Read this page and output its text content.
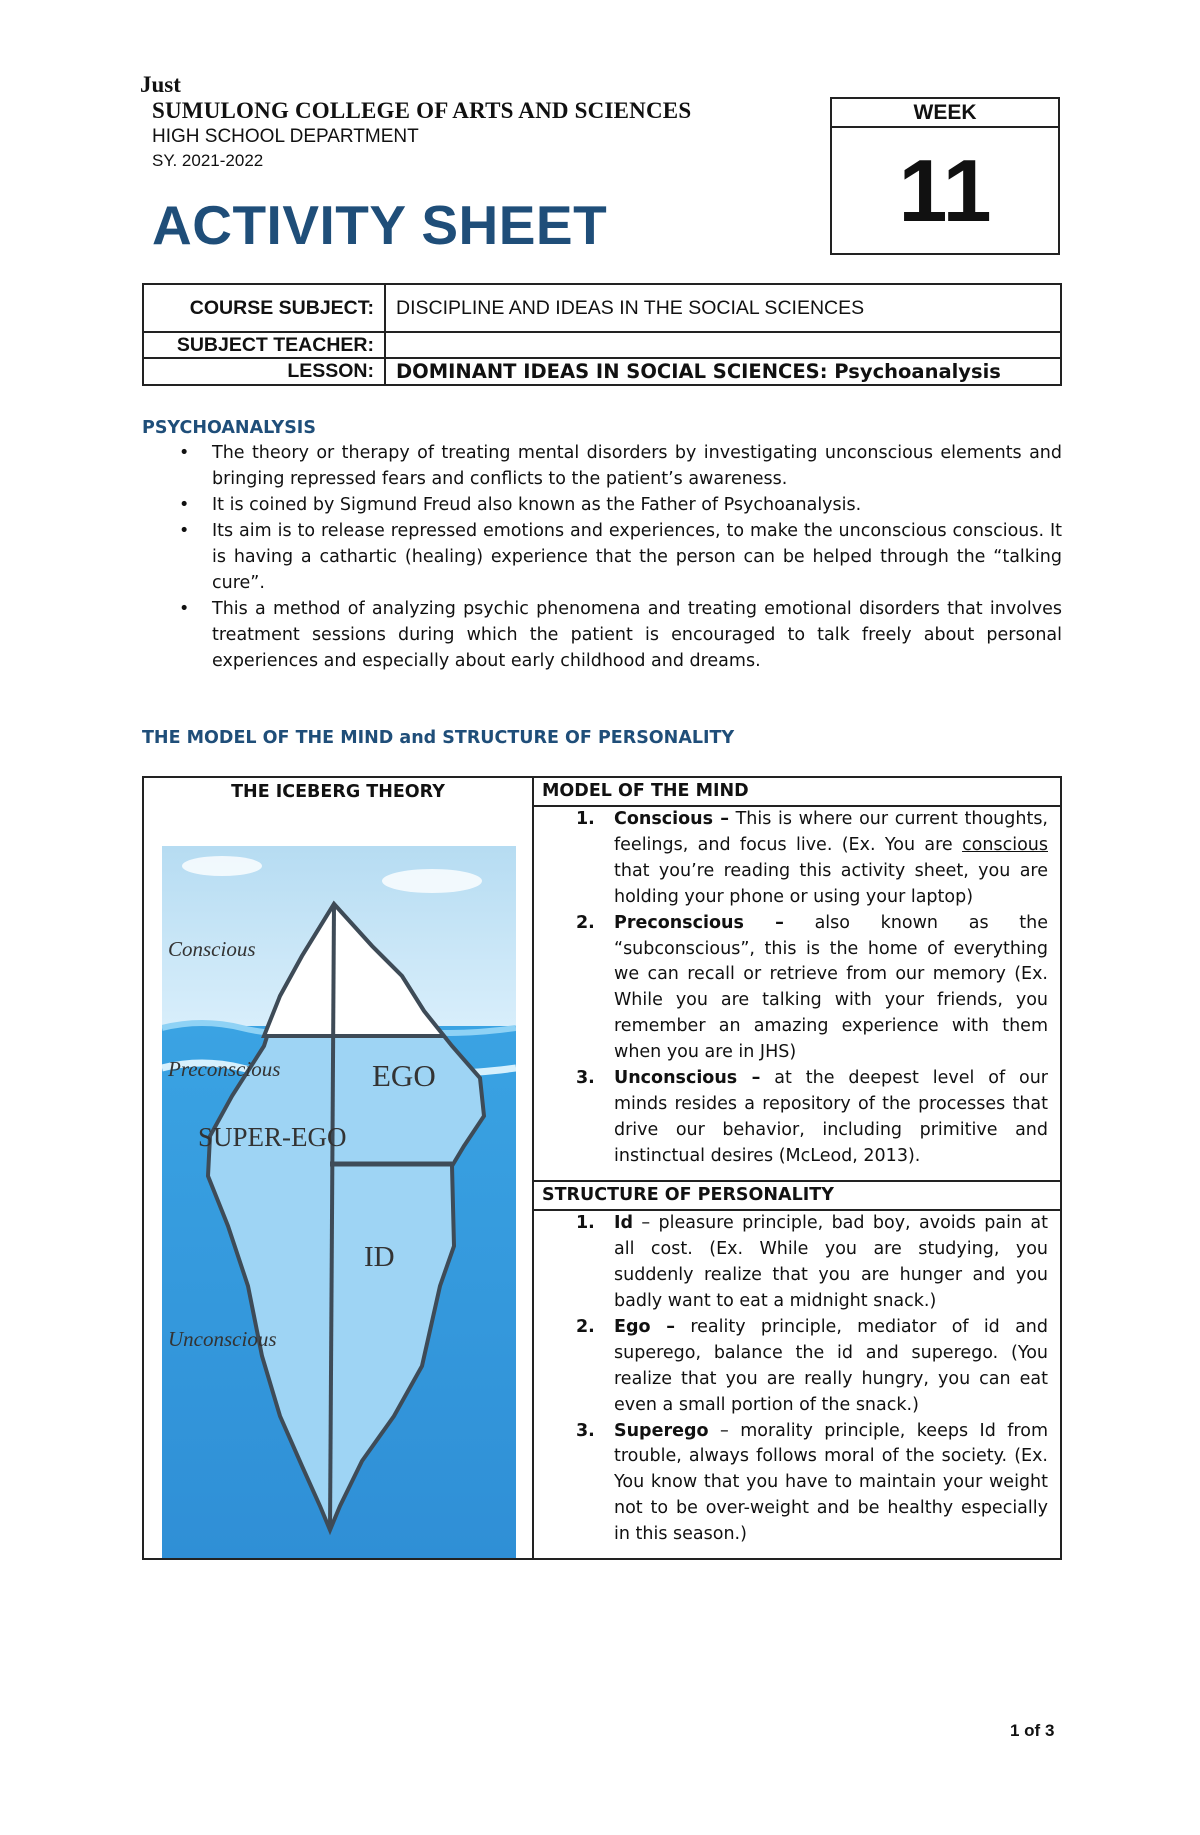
Just
SUMULONG COLLEGE OF ARTS AND SCIENCES
HIGH SCHOOL DEPARTMENT
SY. 2021-2022
ACTIVITY SHEET
WEEK
11
COURSE SUBJECT:	DISCIPLINE AND IDEAS IN THE SOCIAL SCIENCES
SUBJECT TEACHER:	
LESSON:	DOMINANT IDEAS IN SOCIAL SCIENCES: Psychoanalysis
PSYCHOANALYSIS
• The theory or therapy of treating mental disorders by investigating unconscious elements and bringing repressed fears and conflicts to the patient’s awareness.
• It is coined by Sigmund Freud also known as the Father of Psychoanalysis.
• Its aim is to release repressed emotions and experiences, to make the unconscious conscious. It is having a cathartic (healing) experience that the person can be helped through the “talking cure”.
• This a method of analyzing psychic phenomena and treating emotional disorders that involves treatment sessions during which the patient is encouraged to talk freely about personal experiences and especially about early childhood and dreams.
THE MODEL OF THE MIND and STRUCTURE OF PERSONALITY
THE ICEBERG THEORY
Conscious
Preconscious
SUPER-EGO
EGO
ID
Unconscious
	MODEL OF THE MIND

1. Conscious – This is where our current thoughts, feelings, and focus live. (Ex. You are conscious that you’re reading this activity sheet, you are holding your phone or using your laptop)
2. Preconscious – also known as the “subconscious”, this is the home of everything we can recall or retrieve from our memory (Ex. While you are talking with your friends, you remember an amazing experience with them when you are in JHS)
3. Unconscious – at the deepest level of our minds resides a repository of the processes that drive our behavior, including primitive and instinctual desires (McLeod, 2013).

STRUCTURE OF PERSONALITY

1. Id – pleasure principle, bad boy, avoids pain at all cost. (Ex. While you are studying, you suddenly realize that you are hunger and you badly want to eat a midnight snack.)
2. Ego – reality principle, mediator of id and superego, balance the id and superego. (You realize that you are really hungry, you can eat even a small portion of the snack.)
3. Superego – morality principle, keeps Id from trouble, always follows moral of the society. (Ex. You know that you have to maintain your weight not to be over-weight and be healthy especially in this season.)
1 of 3
